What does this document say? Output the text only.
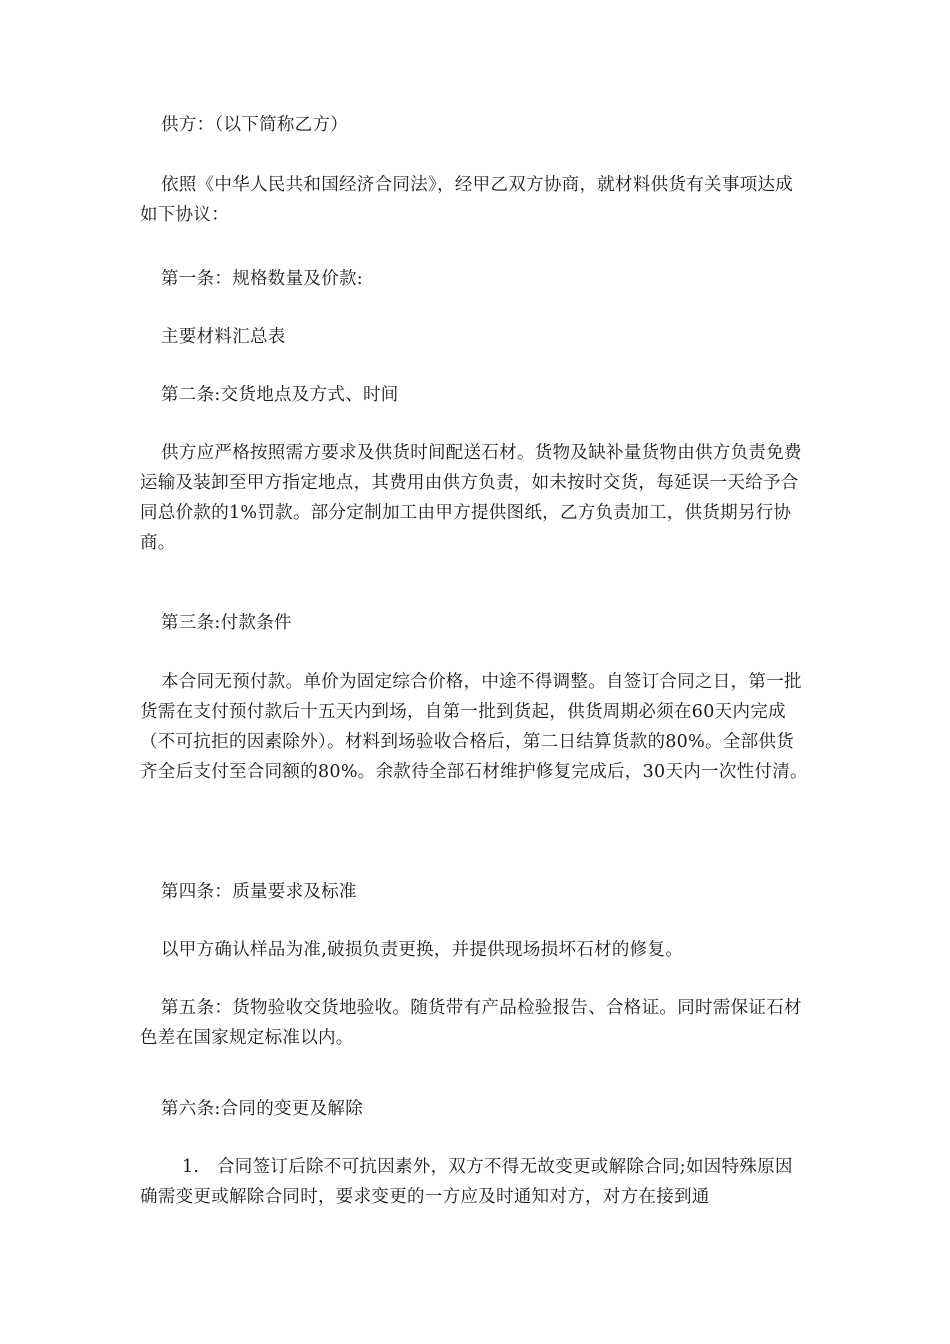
供方：（以下简称乙方）

依照《中华人民共和国经济合同法》，经甲乙双方协商，就材料供货有关事项达成如下协议：

第一条：规格数量及价款:

主要材料汇总表

第二条:交货地点及方式、时间

供方应严格按照需方要求及供货时间配送石材。货物及缺补量货物由供方负责免费运输及装卸至甲方指定地点，其费用由供方负责，如未按时交货，每延误一天给予合同总价款的1%罚款。部分定制加工由甲方提供图纸，乙方负责加工，供货期另行协商。

第三条:付款条件

本合同无预付款。单价为固定综合价格，中途不得调整。自签订合同之日，第一批货需在支付预付款后十五天内到场，自第一批到货起，供货周期必须在60天内完成（不可抗拒的因素除外）。材料到场验收合格后，第二日结算货款的80%。全部供货齐全后支付至合同额的80%。余款待全部石材维护修复完成后，30天内一次性付清。

第四条：质量要求及标准

以甲方确认样品为准,破损负责更换，并提供现场损坏石材的修复。

第五条：货物验收交货地验收。随货带有产品检验报告、合格证。同时需保证石材色差在国家规定标准以内。

第六条:合同的变更及解除

1. 合同签订后除不可抗因素外，双方不得无故变更或解除合同;如因特殊原因确需变更或解除合同时，要求变更的一方应及时通知对方，对方在接到通
